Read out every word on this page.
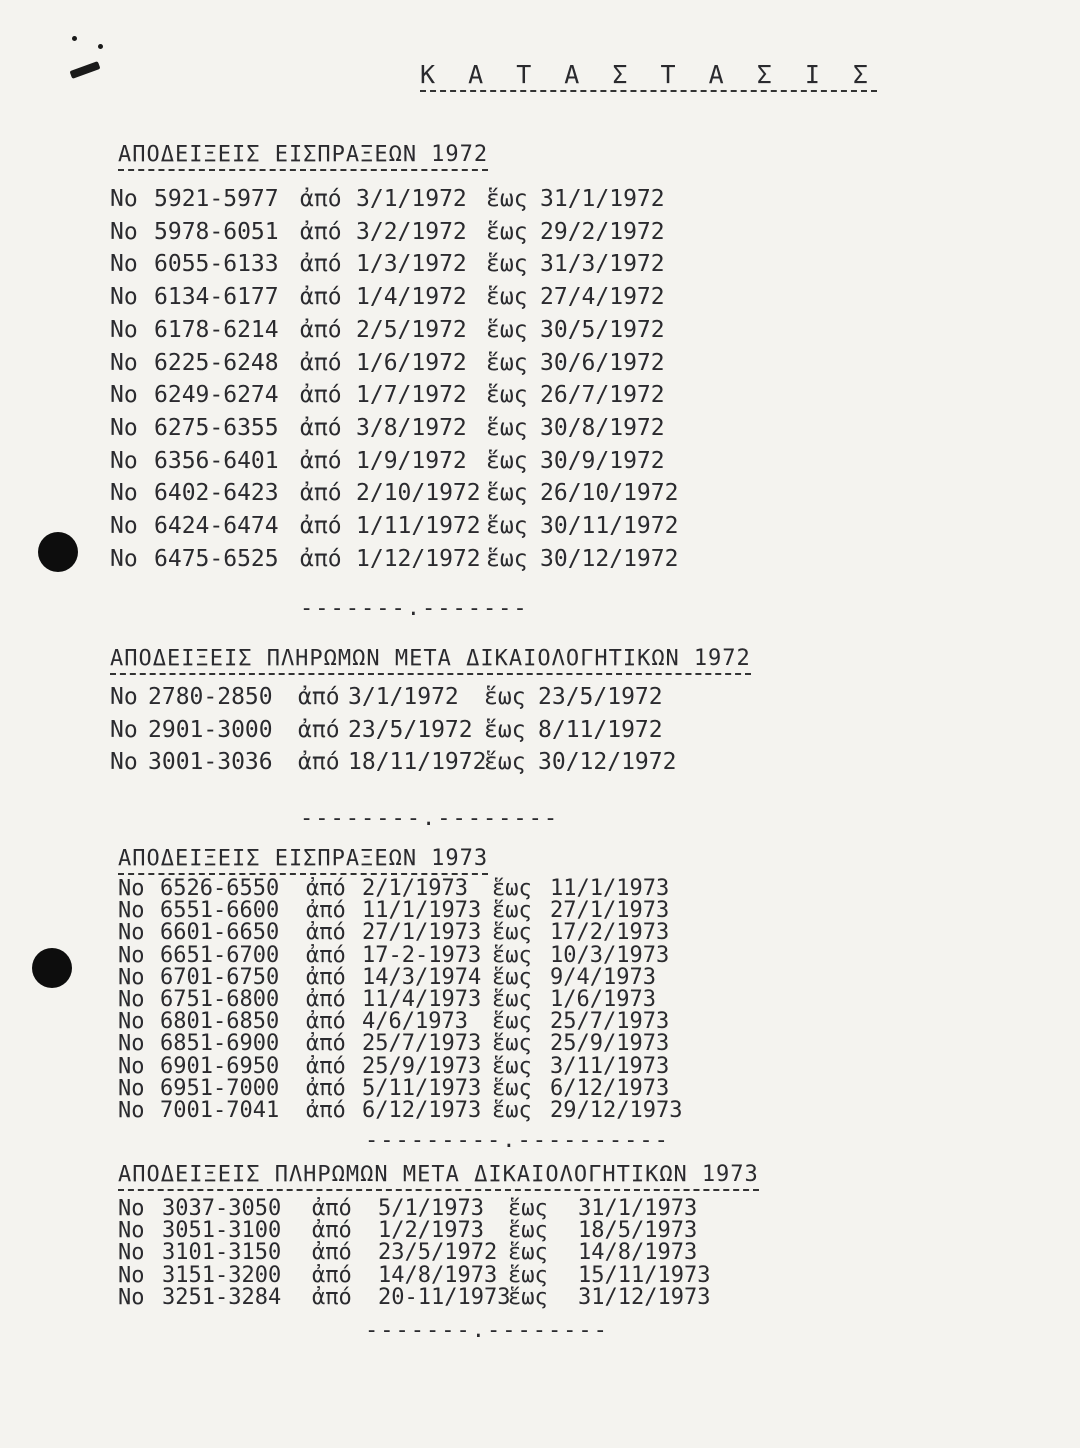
Κ Α Τ Α Σ Τ Α Σ Ι Σ
ΑΠΟΔΕΙΞΕΙΣ ΕΙΣΠΡΑΞΕΩΝ 1972
Νο 5921-5977 ἀπό 3/1/1972 ἕως 31/1/1972
Νο 5978-6051 ἀπό 3/2/1972 ἕως 29/2/1972
Νο 6055-6133 ἀπό 1/3/1972 ἕως 31/3/1972
Νο 6134-6177 ἀπό 1/4/1972 ἕως 27/4/1972
Νο 6178-6214 ἀπό 2/5/1972 ἕως 30/5/1972
Νο 6225-6248 ἀπό 1/6/1972 ἕως 30/6/1972
Νο 6249-6274 ἀπό 1/7/1972 ἕως 26/7/1972
Νο 6275-6355 ἀπό 3/8/1972 ἕως 30/8/1972
Νο 6356-6401 ἀπό 1/9/1972 ἕως 30/9/1972
Νο 6402-6423 ἀπό 2/10/1972 ἕως 26/10/1972
Νο 6424-6474 ἀπό 1/11/1972 ἕως 30/11/1972
Νο 6475-6525 ἀπό 1/12/1972 ἕως 30/12/1972
-------.-------
ΑΠΟΔΕΙΞΕΙΣ ΠΛΗΡΩΜΩΝ ΜΕΤΑ ΔΙΚΑΙΟΛΟΓΗΤΙΚΩΝ 1972
Νο 2780-2850 ἀπό 3/1/1972 ἕως 23/5/1972
Νο 2901-3000 ἀπό 23/5/1972 ἕως 8/11/1972
Νο 3001-3036 ἀπό 18/11/1972
ἕως 30/12/1972
--------.--------
ΑΠΟΔΕΙΞΕΙΣ ΕΙΣΠΡΑΞΕΩΝ 1973
Νο 6526-6550 ἀπό 2/1/1973 ἕως 11/1/1973
Νο 6551-6600 ἀπό 11/1/1973 ἕως 27/1/1973
Νο 6601-6650 ἀπό 27/1/1973 ἕως 17/2/1973
Νο 6651-6700 ἀπό 17-2-1973 ἕως 10/3/1973
Νο 6701-6750 ἀπό 14/3/1974 ἕως 9/4/1973
Νο 6751-6800 ἀπό 11/4/1973 ἕως 1/6/1973
Νο 6801-6850 ἀπό 4/6/1973 ἕως 25/7/1973
Νο 6851-6900 ἀπό 25/7/1973 ἕως 25/9/1973
Νο 6901-6950 ἀπό 25/9/1973 ἕως 3/11/1973
Νο 6951-7000 ἀπό 5/11/1973 ἕως 6/12/1973
Νο 7001-7041 ἀπό 6/12/1973 ἕως 29/12/1973
---------.----------
ΑΠΟΔΕΙΞΕΙΣ ΠΛΗΡΩΜΩΝ ΜΕΤΑ ΔΙΚΑΙΟΛΟΓΗΤΙΚΩΝ 1973
Νο 3037-3050 ἀπό 5/1/1973 ἕως 31/1/1973
Νο 3051-3100 ἀπό 1/2/1973 ἕως 18/5/1973
Νο 3101-3150 ἀπό 23/5/1972 ἕως 14/8/1973
Νο 3151-3200 ἀπό 14/8/1973 ἕως 15/11/1973
Νο 3251-3284 ἀπό 20-11/1973
ἕως 31/12/1973
-------.--------
